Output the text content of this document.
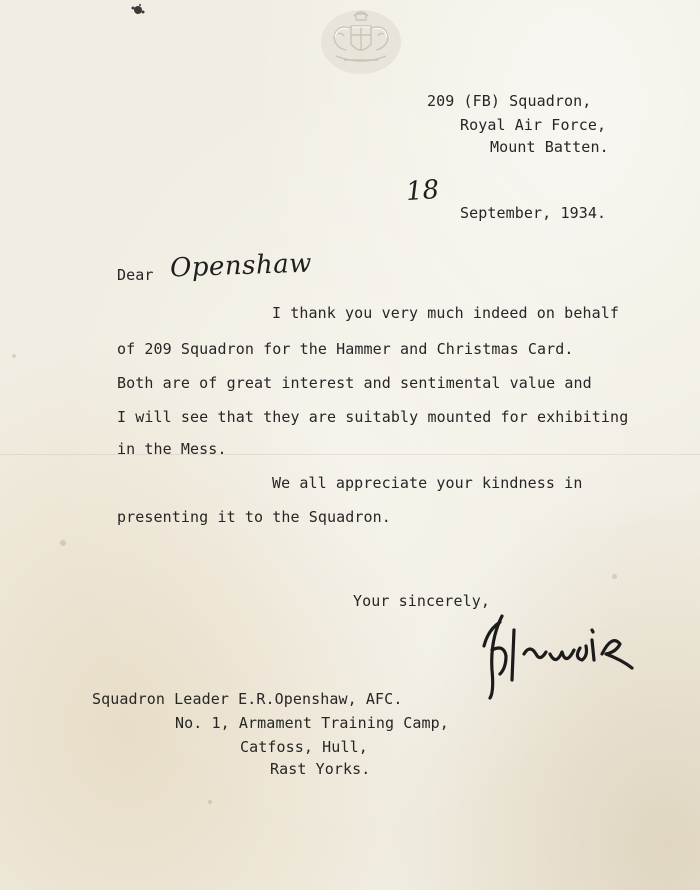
209 (FB) Squadron,
Royal Air Force,
Mount Batten.
18
September, 1934.
Dear Openshaw
I thank you very much indeed on behalf
of 209 Squadron for the Hammer and Christmas Card.
Both are of great interest and sentimental value and
I will see that they are suitably mounted for exhibiting
in the Mess.
We all appreciate your kindness in
presenting it to the Squadron.
Your sincerely,
Squadron Leader E.R.Openshaw, AFC.
No. 1, Armament Training Camp,
Catfoss, Hull,
Rast Yorks.
